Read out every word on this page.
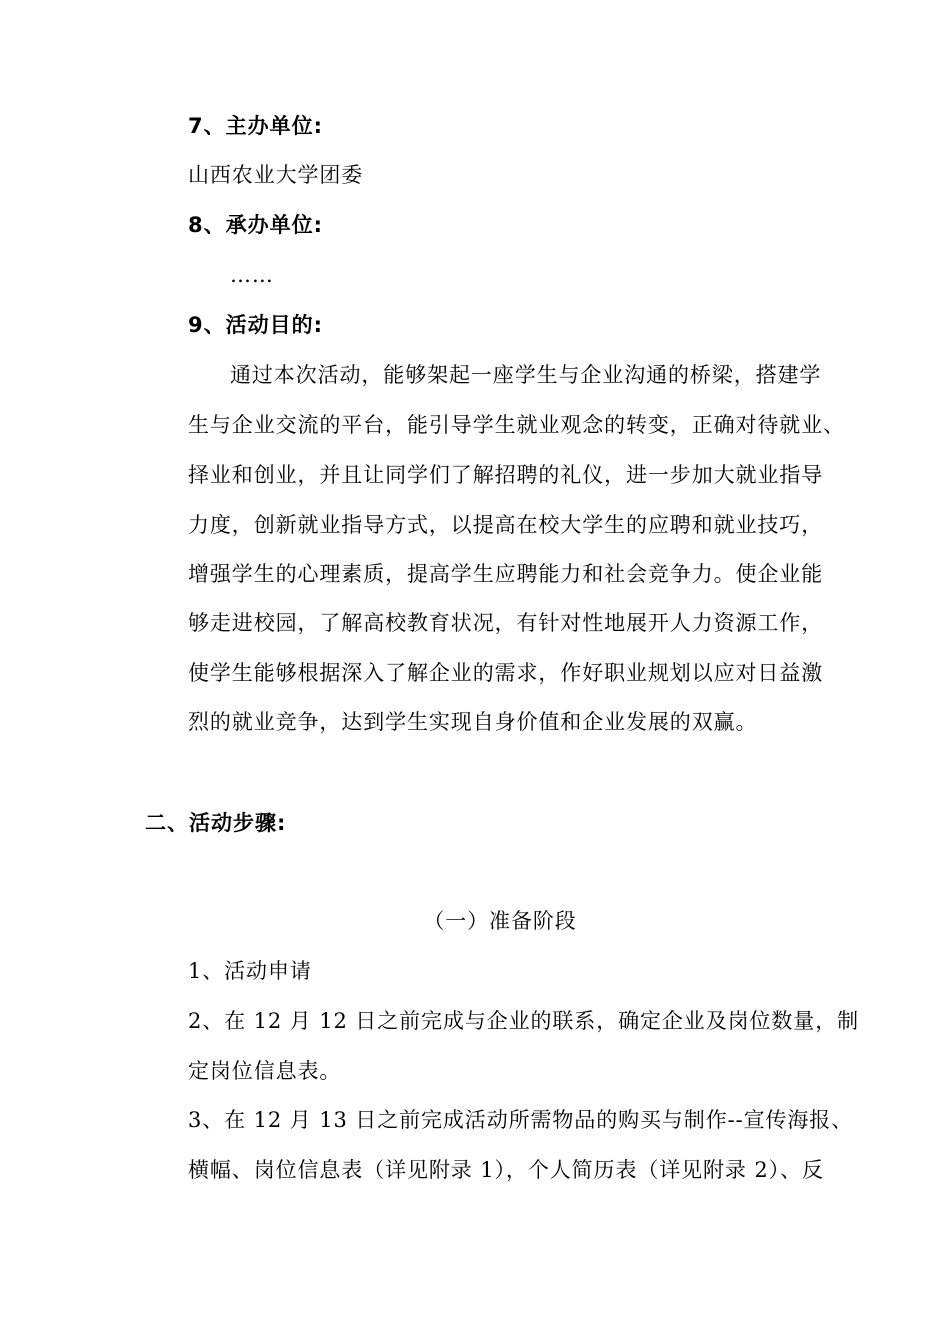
7、主办单位:
山西农业大学团委
8、承办单位:
……
9、活动目的:
通过本次活动，能够架起一座学生与企业沟通的桥梁，搭建学
生与企业交流的平台，能引导学生就业观念的转变，正确对待就业、
择业和创业，并且让同学们了解招聘的礼仪，进一步加大就业指导
力度，创新就业指导方式，以提高在校大学生的应聘和就业技巧，
增强学生的心理素质，提高学生应聘能力和社会竞争力。使企业能
够走进校园，了解高校教育状况，有针对性地展开人力资源工作，
使学生能够根据深入了解企业的需求，作好职业规划以应对日益激
烈的就业竞争，达到学生实现自身价值和企业发展的双赢。
二、活动步骤:
（一）准备阶段
1、活动申请
2、在 12 月 12 日之前完成与企业的联系，确定企业及岗位数量，制
定岗位信息表。
3、在 12 月 13 日之前完成活动所需物品的购买与制作--宣传海报、
横幅、岗位信息表（详见附录 1），个人简历表（详见附录 2）、反
